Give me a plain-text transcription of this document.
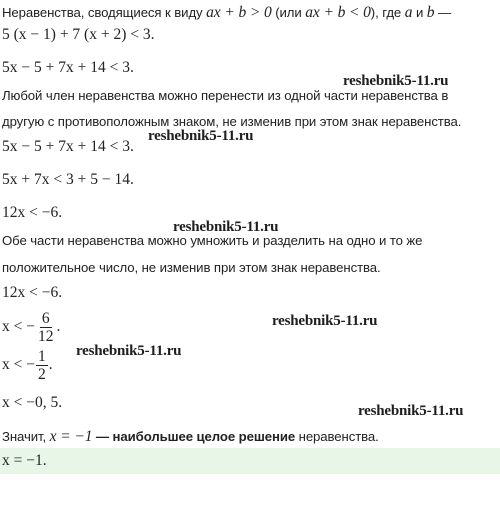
Неравенства, сводящиеся к виду ax + b > 0 (или ax + b < 0), где a и b —
5 (x − 1) + 7 (x + 2) < 3.
5x − 5 + 7x + 14 < 3.
reshebnik5-11.ru
Любой член неравенства можно перенести из одной части неравенства в
другую с противоположным знаком, не изменив при этом знак неравенства.
reshebnik5-11.ru
5x − 5 + 7x + 14 < 3.
5x + 7x < 3 + 5 − 14.
12x < −6.
reshebnik5-11.ru
Обе части неравенства можно умножить и разделить на одно и то же
положительное число, не изменив при этом знак неравенства.
12x < −6.
x < − $\frac{6}{12}$ .	reshebnik5-11.ru
reshebnik5-11.ru
x < − $\frac{1}{2}$ .
x < −0, 5.	reshebnik5-11.ru
Значит, x = −1 — наибольшее целое решение неравенства.
x = −1.
